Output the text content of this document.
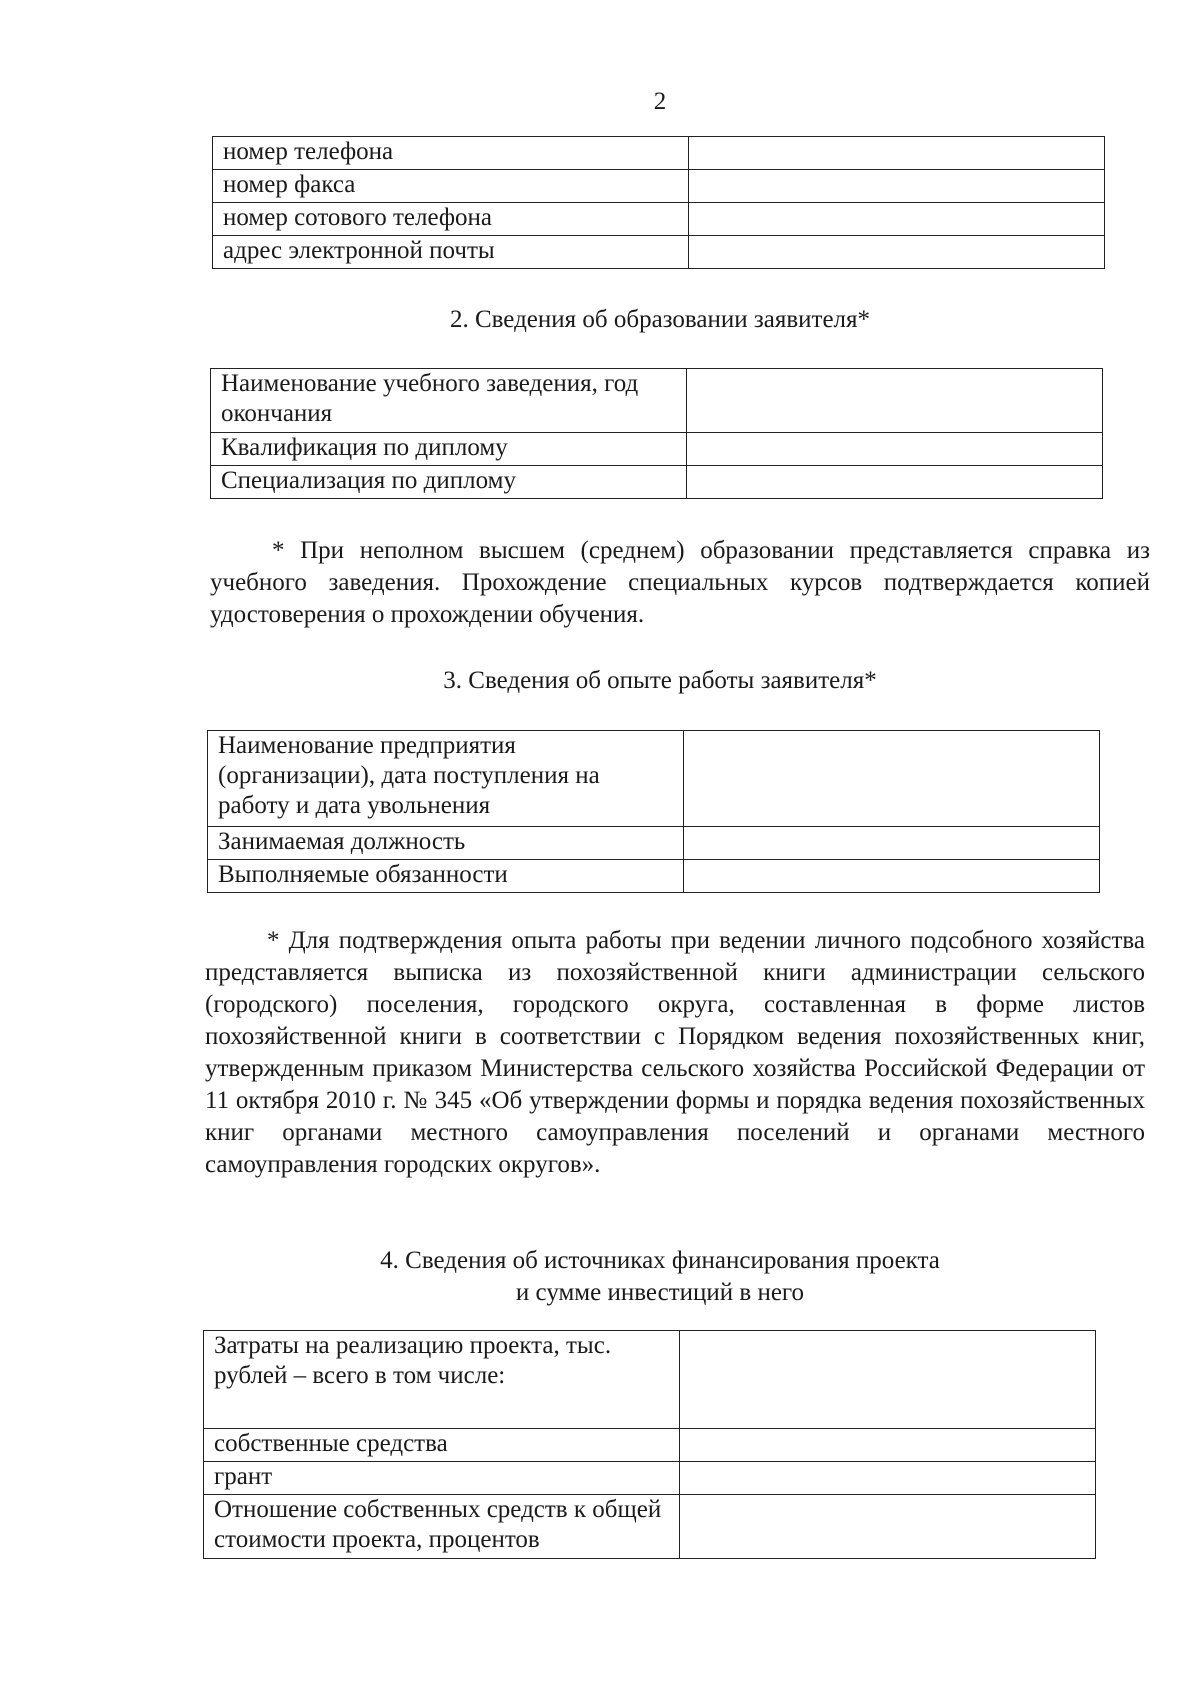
2
номер телефона	
номер факса	
номер сотового телефона	
адрес электронной почты	
2. Сведения об образовании заявителя*
Наименование учебного заведения, год окончания	
Квалификация по диплому	
Специализация по диплому	

* При неполном высшем (среднем) образовании представляется справка из учебного заведения. Прохождение специальных курсов подтверждается копией удостоверения о прохождении обучения.

3. Сведения об опыте работы заявителя*
Наименование предприятия (организации), дата поступления на работу и дата увольнения	
Занимаемая должность	
Выполняемые обязанности	

* Для подтверждения опыта работы при ведении личного подсобного хозяйства представляется выписка из похозяйственной книги администрации сельского (городского) поселения, городского округа, составленная в форме листов похозяйственной книги в соответствии с Порядком ведения похозяйственных книг, утвержденным приказом Министерства сельского хозяйства Российской Федерации от 11 октября 2010 г. № 345 «Об утверждении формы и порядка ведения похозяйственных книг органами местного самоуправления поселений и органами местного самоуправления городских округов».

4. Сведения об источниках финансирования проекта
и сумме инвестиций в него
Затраты на реализацию проекта, тыс. рублей – всего в том числе:	
собственные средства	
грант	
Отношение собственных средств к общей стоимости проекта, процентов	
